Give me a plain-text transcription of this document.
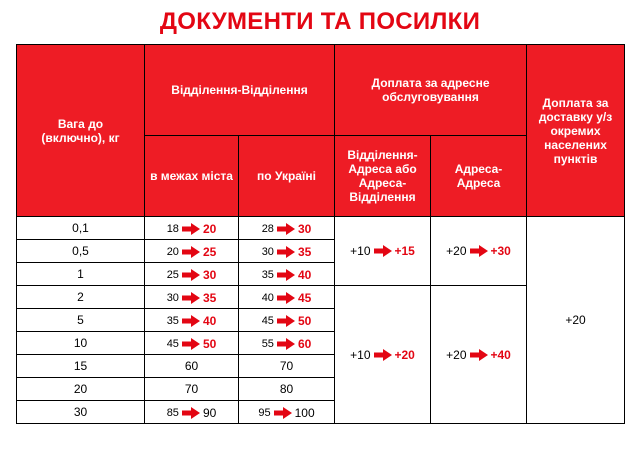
ДОКУМЕНТИ ТА ПОСИЛКИ
Вага до (включно), кг	Відділення-Відділення		Доплата за адресне обслуговування		Доплата за доставку у/з окремих населених пунктів
	в межах міста	по Україні	Відділення-Адреса або Адреса-Відділення	Адреса-Адреса	
0,1	18 20	28 30	+10 +15	+20 +30	+20
0,5	20 25	30 35			

1	25 30	35 40			

2	30 35	40 45	+10 +20	+20 +40	

5	35 40	45 50			

10	45 50	55 60			

15	60	70			
20	70	80			
30	85 90	95 100			
